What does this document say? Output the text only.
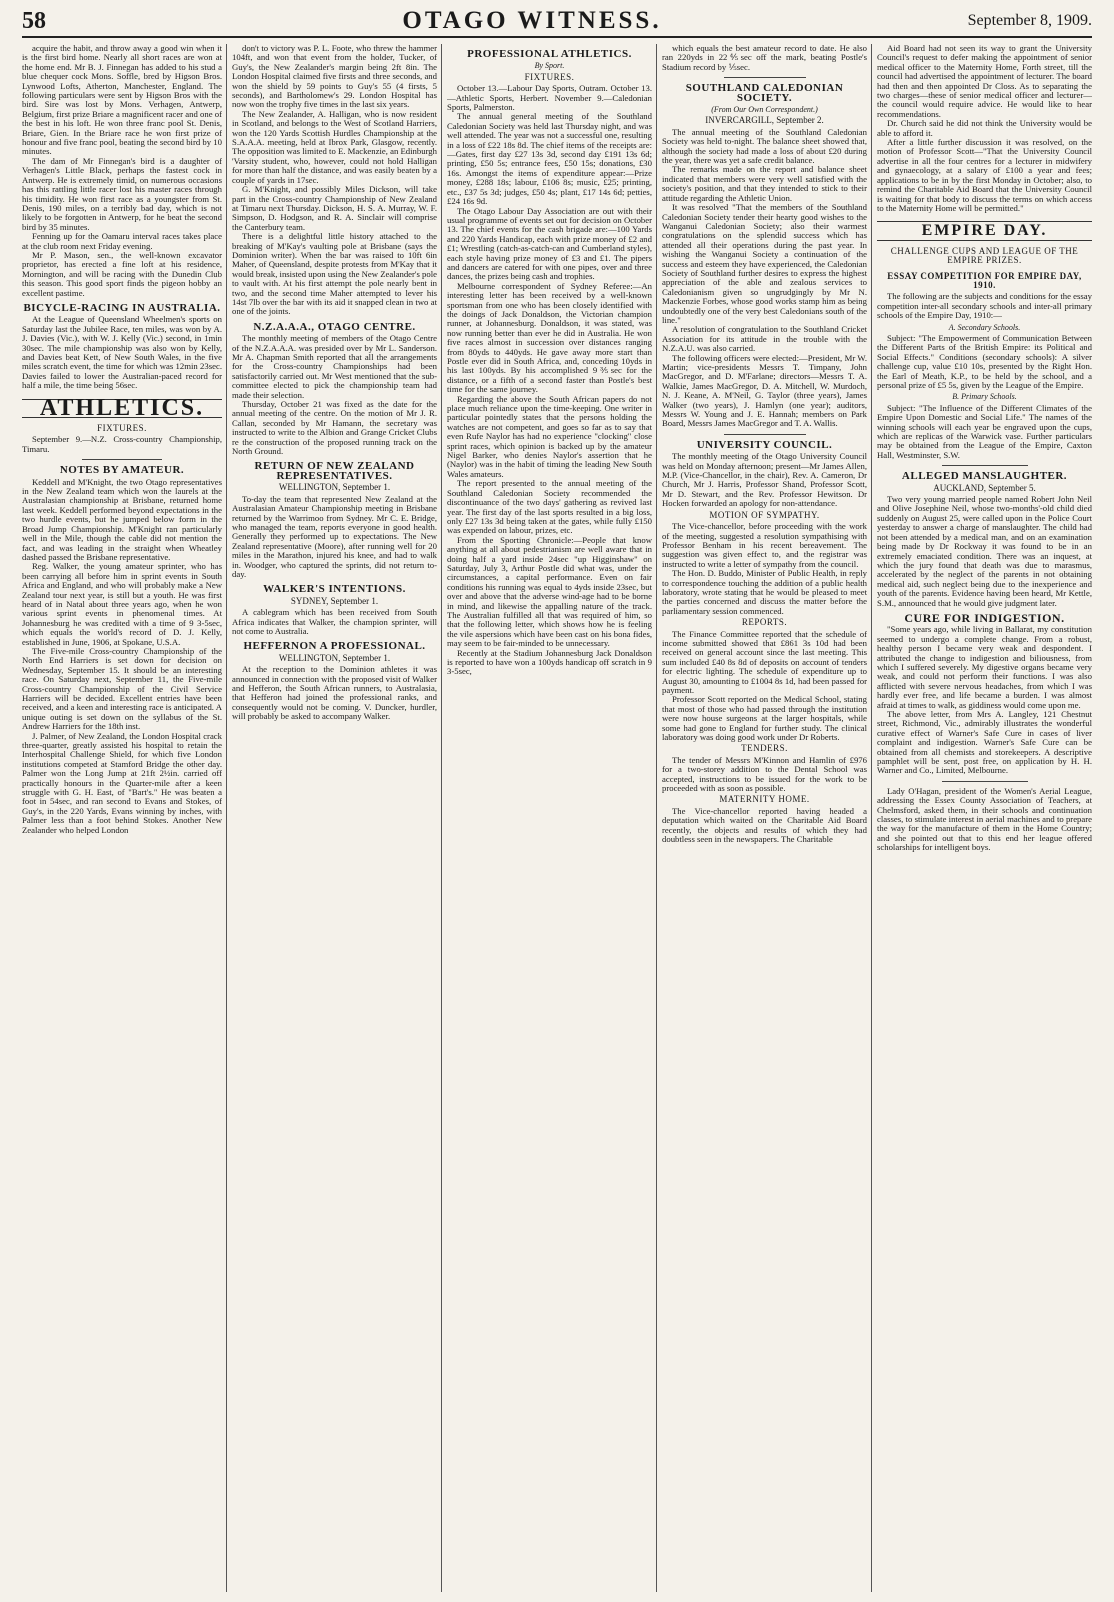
58	OTAGO WITNESS.	September 8, 1909.

acquire the habit, and throw away a good win when it is the first bird home. Nearly all short races are won at the home end. Mr B. J. Finnegan has added to his stud a blue chequer cock Mons. Soffle, bred by Higson Bros. Lynwood Lofts, Atherton, Manchester, England. The following particulars were sent by Higson Bros with the bird. Sire was lost by Mons. Verhagen, Antwerp, Belgium, first prize Briare a magnificent racer and one of the best in his loft. He won three franc pool St. Denis, Briare, Gien. In the Briare race he won first prize of honour and five franc pool, beating the second bird by 10 minutes.

The dam of Mr Finnegan's bird is a daughter of Verhagen's Little Black, perhaps the fastest cock in Antwerp. He is extremely timid, on numerous occasions has this rattling little racer lost his master races through his timidity. He won first race as a youngster from St. Denis, 190 miles, on a terribly bad day, which is not likely to be forgotten in Antwerp, for he beat the second bird by 35 minutes.

Fenning up for the Oamaru interval races takes place at the club room next Friday evening.

Mr P. Mason, sen., the well-known excavator proprietor, has erected a fine loft at his residence, Mornington, and will be racing with the Dunedin Club this season. This good sport finds the pigeon hobby an excellent pastime.

BICYCLE-RACING IN AUSTRALIA.

At the League of Queensland Wheelmen's sports on Saturday last the Jubilee Race, ten miles, was won by A. J. Davies (Vic.), with W. J. Kelly (Vic.) second, in 1min 30sec. The mile championship was also won by Kelly, and Davies beat Kett, of New South Wales, in the five miles scratch event, the time for which was 12min 23sec. Davies failed to lower the Australian-paced record for half a mile, the time being 56sec.

ATHLETICS.
FIXTURES.

September 9.—N.Z. Cross-country Championship, Timaru.

NOTES BY AMATEUR.

Keddell and M'Knight, the two Otago representatives in the New Zealand team which won the laurels at the Australasian championship at Brisbane, returned home last week. Keddell performed beyond expectations in the two hurdle events, but he jumped below form in the Broad Jump Championship. M'Knight ran particularly well in the Mile, though the cable did not mention the fact, and was leading in the straight when Wheatley dashed passed the Brisbane representative.

Reg. Walker, the young amateur sprinter, who has been carrying all before him in sprint events in South Africa and England, and who will probably make a New Zealand tour next year, is still but a youth. He was first heard of in Natal about three years ago, when he won various sprint events in phenomenal times. At Johannesburg he was credited with a time of 9 3-5sec, which equals the world's record of D. J. Kelly, established in June, 1906, at Spokane, U.S.A.

The Five-mile Cross-country Championship of the North End Harriers is set down for decision on Wednesday, September 15. It should be an interesting race. On Saturday next, September 11, the Five-mile Cross-country Championship of the Civil Service Harriers will be decided. Excellent entries have been received, and a keen and interesting race is anticipated. A unique outing is set down on the syllabus of the St. Andrew Harriers for the 18th inst.

J. Palmer, of New Zealand, the London Hospital crack three-quarter, greatly assisted his hospital to retain the Interhospital Challenge Shield, for which five London institutions competed at Stamford Bridge the other day. Palmer won the Long Jump at 21ft 2½in. carried off practically honours in the Quarter-mile after a keen struggle with G. H. East, of "Bart's." He was beaten a foot in 54sec, and ran second to Evans and Stokes, of Guy's, in the 220 Yards, Evans winning by inches, with Palmer less than a foot behind Stokes. Another New Zealander who helped London

don't to victory was P. L. Foote, who threw the hammer 104ft, and won that event from the holder, Tucker, of Guy's, the New Zealander's margin being 2ft 8in. The London Hospital claimed five firsts and three seconds, and won the shield by 59 points to Guy's 55 (4 firsts, 5 seconds), and Bartholomew's 29. London Hospital has now won the trophy five times in the last six years.

The New Zealander, A. Halligan, who is now resident in Scotland, and belongs to the West of Scotland Harriers, won the 120 Yards Scottish Hurdles Championship at the S.A.A.A. meeting, held at Ibrox Park, Glasgow, recently. The opposition was limited to E. Mackenzie, an Edinburgh 'Varsity student, who, however, could not hold Halligan for more than half the distance, and was easily beaten by a couple of yards in 17sec.

G. M'Knight, and possibly Miles Dickson, will take part in the Cross-country Championship of New Zealand at Timaru next Thursday. Dickson, H. S. A. Murray, W. F. Simpson, D. Hodgson, and R. A. Sinclair will comprise the Canterbury team.

There is a delightful little history attached to the breaking of M'Kay's vaulting pole at Brisbane (says the Dominion writer). When the bar was raised to 10ft 6in Maher, of Queensland, despite protests from M'Kay that it would break, insisted upon using the New Zealander's pole to vault with. At his first attempt the pole nearly bent in two, and the second time Maher attempted to lever his 14st 7lb over the bar with its aid it snapped clean in two at one of the joints.

N.Z.A.A.A., OTAGO CENTRE.

The monthly meeting of members of the Otago Centre of the N.Z.A.A.A. was presided over by Mr L. Sanderson. Mr A. Chapman Smith reported that all the arrangements for the Cross-country Championships had been satisfactorily carried out. Mr West mentioned that the sub-committee elected to pick the championship team had made their selection.

Thursday, October 21 was fixed as the date for the annual meeting of the centre. On the motion of Mr J. R. Callan, seconded by Mr Hamann, the secretary was instructed to write to the Albion and Grange Cricket Clubs re the construction of the proposed running track on the North Ground.

RETURN OF NEW ZEALAND REPRESENTATIVES.
WELLINGTON, September 1.

To-day the team that represented New Zealand at the Australasian Amateur Championship meeting in Brisbane returned by the Warrimoo from Sydney. Mr C. E. Bridge, who managed the team, reports everyone in good health. Generally they performed up to expectations. The New Zealand representative (Moore), after running well for 20 miles in the Marathon, injured his knee, and had to walk in. Woodger, who captured the sprints, did not return to-day.

WALKER'S INTENTIONS.
SYDNEY, September 1.

A cablegram which has been received from South Africa indicates that Walker, the champion sprinter, will not come to Australia.

HEFFERNON A PROFESSIONAL.
WELLINGTON, September 1.

At the reception to the Dominion athletes it was announced in connection with the proposed visit of Walker and Hefferon, the South African runners, to Australasia, that Hefferon had joined the professional ranks, and consequently would not be coming. V. Duncker, hurdler, will probably be asked to accompany Walker.

PROFESSIONAL ATHLETICS.
By Sport.
FIXTURES.

October 13.—Labour Day Sports, Outram. October 13.—Athletic Sports, Herbert. November 9.—Caledonian Sports, Palmerston.

The annual general meeting of the Southland Caledonian Society was held last Thursday night, and was well attended. The year was not a successful one, resulting in a loss of £22 18s 8d. The chief items of the receipts are:—Gates, first day £27 13s 3d, second day £191 13s 6d; printing, £50 5s; entrance fees, £50 15s; donations, £30 16s. Amongst the items of expenditure appear:—Prize money, £288 18s; labour, £106 8s; music, £25; printing, etc., £37 5s 3d; judges, £50 4s; plant, £17 14s 6d; petties, £24 16s 9d.

The Otago Labour Day Association are out with their usual programme of events set out for decision on October 13. The chief events for the cash brigade are:—100 Yards and 220 Yards Handicap, each with prize money of £2 and £1; Wrestling (catch-as-catch-can and Cumberland styles), each style having prize money of £3 and £1. The pipers and dancers are catered for with one pipes, over and three dances, the prizes being cash and trophies.

Melbourne correspondent of Sydney Referee:—An interesting letter has been received by a well-known sportsman from one who has been closely identified with the doings of Jack Donaldson, the Victorian champion runner, at Johannesburg. Donaldson, it was stated, was now running better than ever he did in Australia. He won five races almost in succession over distances ranging from 80yds to 440yds. He gave away more start than Postle ever did in South Africa, and, conceding 10yds in his last 100yds. By his accomplished 9⅗sec for the distance, or a fifth of a second faster than Postle's best time for the same journey.

Regarding the above the South African papers do not place much reliance upon the time-keeping. One writer in particular pointedly states that the persons holding the watches are not competent, and goes so far as to say that even Rufe Naylor has had no experience "clocking" close sprint races, which opinion is backed up by the amateur Nigel Barker, who denies Naylor's assertion that he (Naylor) was in the habit of timing the leading New South Wales amateurs.

The report presented to the annual meeting of the Southland Caledonian Society recommended the discontinuance of the two days' gathering as revived last year. The first day of the last sports resulted in a big loss, only £27 13s 3d being taken at the gates, while fully £150 was expended on labour, prizes, etc.

From the Sporting Chronicle:—People that know anything at all about pedestrianism are well aware that in doing half a yard inside 24sec "up Higginshaw" on Saturday, July 3, Arthur Postle did what was, under the circumstances, a capital performance. Even on fair conditions his running was equal to 4yds inside 23sec, but over and above that the adverse wind-age had to be borne in mind, and likewise the appalling nature of the track. The Australian fulfilled all that was required of him, so that the following letter, which shows how he is feeling the vile aspersions which have been cast on his bona fides, may seem to be fair-minded to be unnecessary.

Recently at the Stadium Johannesburg Jack Donaldson is reported to have won a 100yds handicap off scratch in 9 3-5sec,

which equals the best amateur record to date. He also ran 220yds in 22⅘sec off the mark, beating Postle's Stadium record by ⅕sec.

SOUTHLAND CALEDONIAN SOCIETY.
(From Our Own Correspondent.)
INVERCARGILL, September 2.

The annual meeting of the Southland Caledonian Society was held to-night. The balance sheet showed that, although the society had made a loss of about £20 during the year, there was yet a safe credit balance.

The remarks made on the report and balance sheet indicated that members were very well satisfied with the society's position, and that they intended to stick to their attitude regarding the Athletic Union.

It was resolved "That the members of the Southland Caledonian Society tender their hearty good wishes to the Wanganui Caledonian Society; also their warmest congratulations on the splendid success which has attended all their operations during the past year. In wishing the Wanganui Society a continuation of the success and esteem they have experienced, the Caledonian Society of Southland further desires to express the highest appreciation of the able and zealous services to Caledonianism given so ungrudgingly by Mr N. Mackenzie Forbes, whose good works stamp him as being undoubtedly one of the very best Caledonians south of the line."

A resolution of congratulation to the Southland Cricket Association for its attitude in the trouble with the N.Z.A.U. was also carried.

The following officers were elected:—President, Mr W. Martin; vice-presidents Messrs T. Timpany, John MacGregor, and D. M'Farlane; directors—Messrs T. A. Walkie, James MacGregor, D. A. Mitchell, W. Murdoch, N. J. Keane, A. M'Neil, G. Taylor (three years), James Walker (two years), J. Hamlyn (one year); auditors, Messrs W. Young and J. E. Hannah; members on Park Board, Messrs James MacGregor and T. A. Wallis.

UNIVERSITY COUNCIL.

The monthly meeting of the Otago University Council was held on Monday afternoon; present—Mr James Allen, M.P. (Vice-Chancellor, in the chair), Rev. A. Cameron, Dr Church, Mr J. Harris, Professor Shand, Professor Scott, Mr D. Stewart, and the Rev. Professor Hewitson. Dr Hocken forwarded an apology for non-attendance.

MOTION OF SYMPATHY.

The Vice-chancellor, before proceeding with the work of the meeting, suggested a resolution sympathising with Professor Benham in his recent bereavement. The suggestion was given effect to, and the registrar was instructed to write a letter of sympathy from the council.

The Hon. D. Buddo, Minister of Public Health, in reply to correspondence touching the addition of a public health laboratory, wrote stating that he would be pleased to meet the parties concerned and discuss the matter before the parliamentary session commenced.

REPORTS.

The Finance Committee reported that the schedule of income submitted showed that £861 3s 10d had been received on general account since the last meeting. This sum included £40 8s 8d of deposits on account of tenders for electric lighting. The schedule of expenditure up to August 30, amounting to £1004 8s 1d, had been passed for payment.

Professor Scott reported on the Medical School, stating that most of those who had passed through the institution were now house surgeons at the larger hospitals, while some had gone to England for further study. The clinical laboratory was doing good work under Dr Roberts.

TENDERS.

The tender of Messrs M'Kinnon and Hamlin of £976 for a two-storey addition to the Dental School was accepted, instructions to be issued for the work to be proceeded with as soon as possible.

MATERNITY HOME.

The Vice-chancellor reported having headed a deputation which waited on the Charitable Aid Board recently, the objects and results of which they had doubtless seen in the newspapers. The Charitable

Aid Board had not seen its way to grant the University Council's request to defer making the appointment of senior medical officer to the Maternity Home, Forth street, till the council had advertised the appointment of lecturer. The board had then and then appointed Dr Closs. As to separating the two charges—these of senior medical officer and lecturer—the council would require advice. He would like to hear recommendations.

Dr. Church said he did not think the University would be able to afford it.

After a little further discussion it was resolved, on the motion of Professor Scott—"That the University Council advertise in all the four centres for a lecturer in midwifery and gynaecology, at a salary of £100 a year and fees; applications to be in by the first Monday in October; also, to remind the Charitable Aid Board that the University Council is waiting for that body to discuss the terms on which access to the Maternity Home will be permitted."

EMPIRE DAY.
CHALLENGE CUPS AND LEAGUE OF THE EMPIRE PRIZES.
ESSAY COMPETITION FOR EMPIRE DAY, 1910.

The following are the subjects and conditions for the essay competition inter-all secondary schools and inter-all primary schools of the Empire Day, 1910:—

A. Secondary Schools.

Subject: "The Empowerment of Communication Between the Different Parts of the British Empire: its Political and Social Effects." Conditions (secondary schools): A silver challenge cup, value £10 10s, presented by the Right Hon. the Earl of Meath, K.P., to be held by the school, and a personal prize of £5 5s, given by the League of the Empire.

B. Primary Schools.

Subject: "The Influence of the Different Climates of the Empire Upon Domestic and Social Life." The names of the winning schools will each year be engraved upon the cups, which are replicas of the Warwick vase. Further particulars may be obtained from the League of the Empire, Caxton Hall, Westminster, S.W.

ALLEGED MANSLAUGHTER.
AUCKLAND, September 5.

Two very young married people named Robert John Neil and Olive Josephine Neil, whose two-months'-old child died suddenly on August 25, were called upon in the Police Court yesterday to answer a charge of manslaughter. The child had not been attended by a medical man, and on an examination being made by Dr Rockway it was found to be in an extremely emaciated condition. There was an inquest, at which the jury found that death was due to marasmus, accelerated by the neglect of the parents in not obtaining medical aid, such neglect being due to the inexperience and youth of the parents. Evidence having been heard, Mr Kettle, S.M., announced that he would give judgment later.

CURE FOR INDIGESTION.

"Some years ago, while living in Ballarat, my constitution seemed to undergo a complete change. From a robust, healthy person I became very weak and despondent. I attributed the change to indigestion and biliousness, from which I suffered severely. My digestive organs became very weak, and could not perform their functions. I was also afflicted with severe nervous headaches, from which I was hardly ever free, and life became a burden. I was almost afraid at times to walk, as giddiness would come upon me.

The above letter, from Mrs A. Langley, 121 Chestnut street, Richmond, Vic., admirably illustrates the wonderful curative effect of Warner's Safe Cure in cases of liver complaint and indigestion. Warner's Safe Cure can be obtained from all chemists and storekeepers. A descriptive pamphlet will be sent, post free, on application by H. H. Warner and Co., Limited, Melbourne.

Lady O'Hagan, president of the Women's Aerial League, addressing the Essex County Association of Teachers, at Chelmsford, asked them, in their schools and continuation classes, to stimulate interest in aerial machines and to prepare the way for the manufacture of them in the Home Country; and she pointed out that to this end her league offered scholarships for intelligent boys.
